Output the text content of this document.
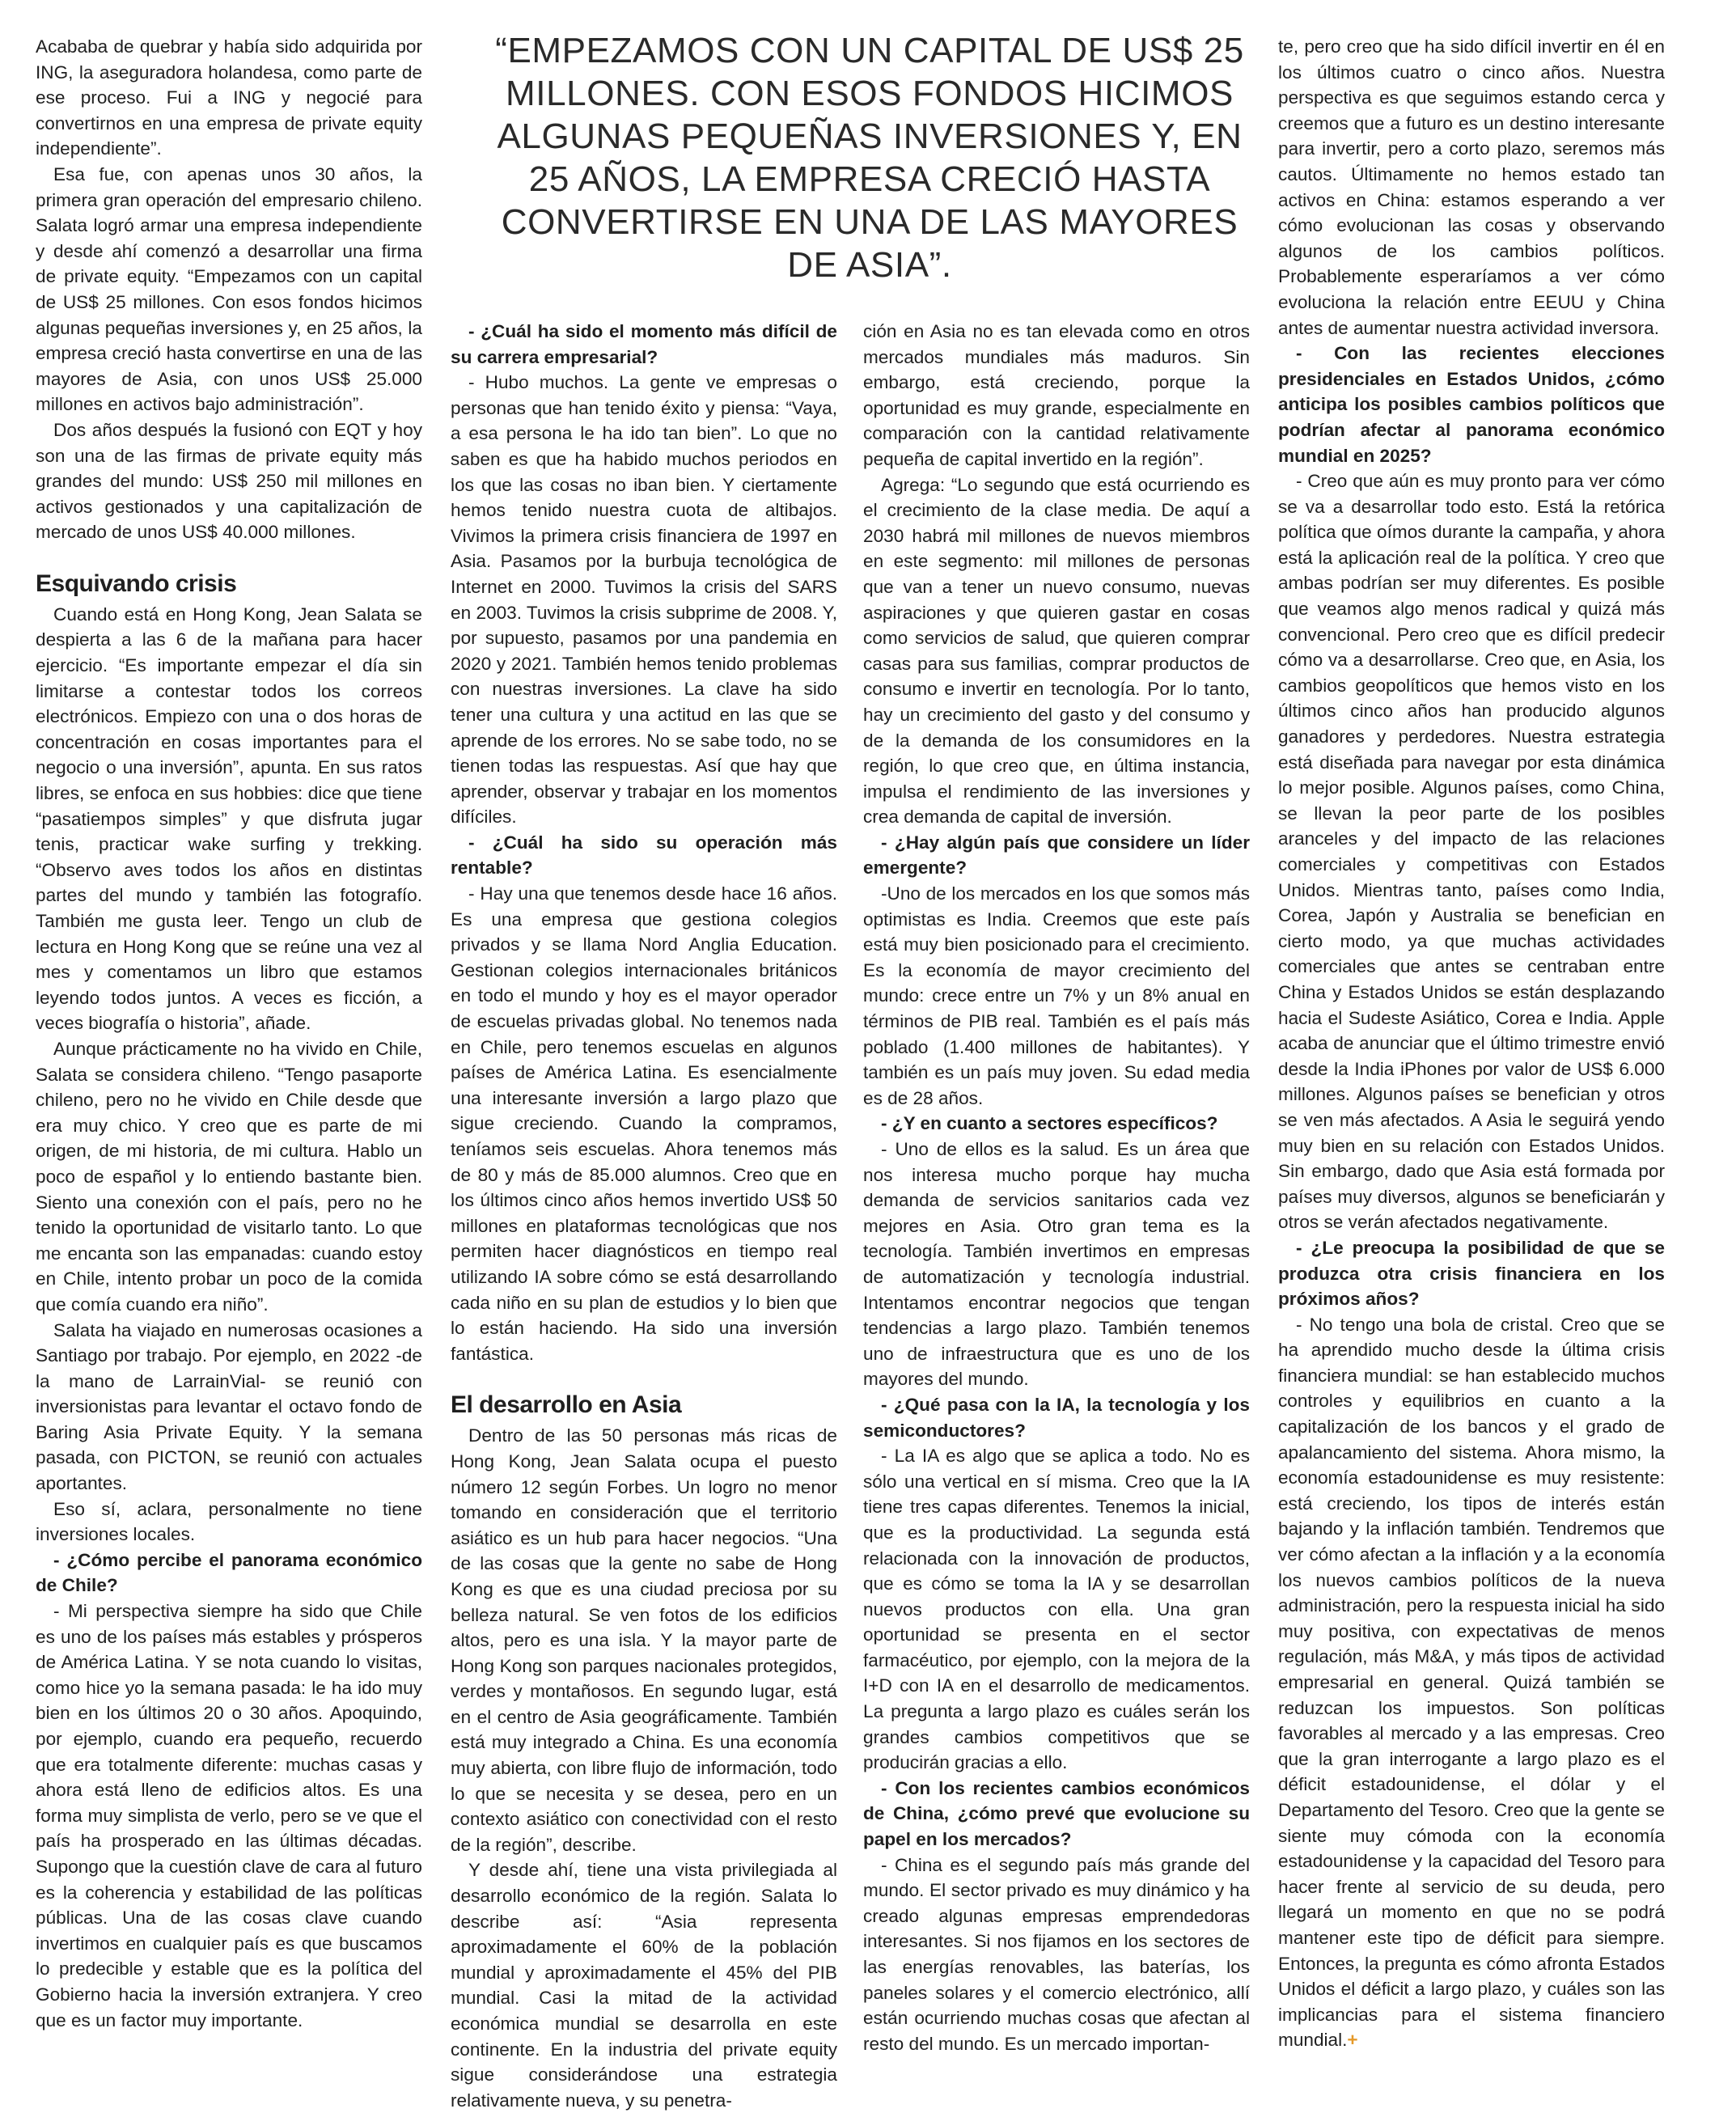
“EMPEZAMOS CON UN CAPITAL DE US$ 25 MILLONES. CON ESOS FONDOS HICIMOS ALGUNAS PEQUEÑAS INVERSIONES Y, EN 25 AÑOS, LA EMPRESA CRECIÓ HASTA CONVERTIRSE EN UNA DE LAS MAYORES DE ASIA”.

Acababa de quebrar y había sido adquirida por ING, la aseguradora holandesa, como parte de ese proceso. Fui a ING y negocié para convertirnos en una empresa de private equity independiente”.

Esa fue, con apenas unos 30 años, la primera gran operación del empresario chileno. Salata logró armar una empresa independiente y desde ahí comenzó a desarrollar una firma de private equity. “Empezamos con un capital de US$ 25 millones. Con esos fondos hicimos algunas pequeñas inversiones y, en 25 años, la empresa creció hasta convertirse en una de las mayores de Asia, con unos US$ 25.000 millones en activos bajo administración”.

Dos años después la fusionó con EQT y hoy son una de las firmas de private equity más grandes del mundo: US$ 250 mil millones en activos gestionados y una capitalización de mercado de unos US$ 40.000 millones.

Esquivando crisis

Cuando está en Hong Kong, Jean Salata se despierta a las 6 de la mañana para hacer ejercicio. “Es importante empezar el día sin limitarse a contestar todos los correos electrónicos. Empiezo con una o dos horas de concentración en cosas importantes para el negocio o una inversión”, apunta. En sus ratos libres, se enfoca en sus hobbies: dice que tiene “pasatiempos simples” y que disfruta jugar tenis, practicar wake surfing y trekking. “Observo aves todos los años en distintas partes del mundo y también las fotografío. También me gusta leer. Tengo un club de lectura en Hong Kong que se reúne una vez al mes y comentamos un libro que estamos leyendo todos juntos. A veces es ficción, a veces biografía o historia”, añade.

Aunque prácticamente no ha vivido en Chile, Salata se considera chileno. “Tengo pasaporte chileno, pero no he vivido en Chile desde que era muy chico. Y creo que es parte de mi origen, de mi historia, de mi cultura. Hablo un poco de español y lo entiendo bastante bien. Siento una conexión con el país, pero no he tenido la oportunidad de visitarlo tanto. Lo que me encanta son las empanadas: cuando estoy en Chile, intento probar un poco de la comida que comía cuando era niño”.

Salata ha viajado en numerosas ocasiones a Santiago por trabajo. Por ejemplo, en 2022 -de la mano de LarrainVial- se reunió con inversionistas para levantar el octavo fondo de Baring Asia Private Equity. Y la semana pasada, con PICTON, se reunió con actuales aportantes.

Eso sí, aclara, personalmente no tiene inversiones locales.

- ¿Cómo percibe el panorama económico de Chile?

- Mi perspectiva siempre ha sido que Chile es uno de los países más estables y prósperos de América Latina. Y se nota cuando lo visitas, como hice yo la semana pasada: le ha ido muy bien en los últimos 20 o 30 años. Apoquindo, por ejemplo, cuando era pequeño, recuerdo que era totalmente diferente: muchas casas y ahora está lleno de edificios altos. Es una forma muy simplista de verlo, pero se ve que el país ha prosperado en las últimas décadas. Supongo que la cuestión clave de cara al futuro es la coherencia y estabilidad de las políticas públicas. Una de las cosas clave cuando invertimos en cualquier país es que buscamos lo predecible y estable que es la política del Gobierno hacia la inversión extranjera. Y creo que es un factor muy importante.

- ¿Cuál ha sido el momento más difícil de su carrera empresarial?

- Hubo muchos. La gente ve empresas o personas que han tenido éxito y piensa: “Vaya, a esa persona le ha ido tan bien”. Lo que no saben es que ha habido muchos periodos en los que las cosas no iban bien. Y ciertamente hemos tenido nuestra cuota de altibajos. Vivimos la primera crisis financiera de 1997 en Asia. Pasamos por la burbuja tecnológica de Internet en 2000. Tuvimos la crisis del SARS en 2003. Tuvimos la crisis subprime de 2008. Y, por supuesto, pasamos por una pandemia en 2020 y 2021. También hemos tenido problemas con nuestras inversiones. La clave ha sido tener una cultura y una actitud en las que se aprende de los errores. No se sabe todo, no se tienen todas las respuestas. Así que hay que aprender, observar y trabajar en los momentos difíciles.

- ¿Cuál ha sido su operación más rentable?

- Hay una que tenemos desde hace 16 años. Es una empresa que gestiona colegios privados y se llama Nord Anglia Education. Gestionan colegios internacionales británicos en todo el mundo y hoy es el mayor operador de escuelas privadas global. No tenemos nada en Chile, pero tenemos escuelas en algunos países de América Latina. Es esencialmente una interesante inversión a largo plazo que sigue creciendo. Cuando la compramos, teníamos seis escuelas. Ahora tenemos más de 80 y más de 85.000 alumnos. Creo que en los últimos cinco años hemos invertido US$ 50 millones en plataformas tecnológicas que nos permiten hacer diagnósticos en tiempo real utilizando IA sobre cómo se está desarrollando cada niño en su plan de estudios y lo bien que lo están haciendo. Ha sido una inversión fantástica.

El desarrollo en Asia

Dentro de las 50 personas más ricas de Hong Kong, Jean Salata ocupa el puesto número 12 según Forbes. Un logro no menor tomando en consideración que el territorio asiático es un hub para hacer negocios. “Una de las cosas que la gente no sabe de Hong Kong es que es una ciudad preciosa por su belleza natural. Se ven fotos de los edificios altos, pero es una isla. Y la mayor parte de Hong Kong son parques nacionales protegidos, verdes y montañosos. En segundo lugar, está en el centro de Asia geográficamente. También está muy integrado a China. Es una economía muy abierta, con libre flujo de información, todo lo que se necesita y se desea, pero en un contexto asiático con conectividad con el resto de la región”, describe.

Y desde ahí, tiene una vista privilegiada al desarrollo económico de la región. Salata lo describe así: “Asia representa aproximadamente el 60% de la población mundial y aproximadamente el 45% del PIB mundial. Casi la mitad de la actividad económica mundial se desarrolla en este continente. En la industria del private equity sigue considerándose una estrategia relativamente nueva, y su penetra-

ción en Asia no es tan elevada como en otros mercados mundiales más maduros. Sin embargo, está creciendo, porque la oportunidad es muy grande, especialmente en comparación con la cantidad relativamente pequeña de capital invertido en la región”.

Agrega: “Lo segundo que está ocurriendo es el crecimiento de la clase media. De aquí a 2030 habrá mil millones de nuevos miembros en este segmento: mil millones de personas que van a tener un nuevo consumo, nuevas aspiraciones y que quieren gastar en cosas como servicios de salud, que quieren comprar casas para sus familias, comprar productos de consumo e invertir en tecnología. Por lo tanto, hay un crecimiento del gasto y del consumo y de la demanda de los consumidores en la región, lo que creo que, en última instancia, impulsa el rendimiento de las inversiones y crea demanda de capital de inversión.

- ¿Hay algún país que considere un líder emergente?

-Uno de los mercados en los que somos más optimistas es India. Creemos que este país está muy bien posicionado para el crecimiento. Es la economía de mayor crecimiento del mundo: crece entre un 7% y un 8% anual en términos de PIB real. También es el país más poblado (1.400 millones de habitantes). Y también es un país muy joven. Su edad media es de 28 años.

- ¿Y en cuanto a sectores específicos?

- Uno de ellos es la salud. Es un área que nos interesa mucho porque hay mucha demanda de servicios sanitarios cada vez mejores en Asia. Otro gran tema es la tecnología. También invertimos en empresas de automatización y tecnología industrial. Intentamos encontrar negocios que tengan tendencias a largo plazo. También tenemos uno de infraestructura que es uno de los mayores del mundo.

- ¿Qué pasa con la IA, la tecnología y los semiconductores?

- La IA es algo que se aplica a todo. No es sólo una vertical en sí misma. Creo que la IA tiene tres capas diferentes. Tenemos la inicial, que es la productividad. La segunda está relacionada con la innovación de productos, que es cómo se toma la IA y se desarrollan nuevos productos con ella. Una gran oportunidad se presenta en el sector farmacéutico, por ejemplo, con la mejora de la I+D con IA en el desarrollo de medicamentos. La pregunta a largo plazo es cuáles serán los grandes cambios competitivos que se producirán gracias a ello.

- Con los recientes cambios económicos de China, ¿cómo prevé que evolucione su papel en los mercados?

- China es el segundo país más grande del mundo. El sector privado es muy dinámico y ha creado algunas empresas emprendedoras interesantes. Si nos fijamos en los sectores de las energías renovables, las baterías, los paneles solares y el comercio electrónico, allí están ocurriendo muchas cosas que afectan al resto del mundo. Es un mercado importan-

te, pero creo que ha sido difícil invertir en él en los últimos cuatro o cinco años. Nuestra perspectiva es que seguimos estando cerca y creemos que a futuro es un destino interesante para invertir, pero a corto plazo, seremos más cautos. Últimamente no hemos estado tan activos en China: estamos esperando a ver cómo evolucionan las cosas y observando algunos de los cambios políticos. Probablemente esperaríamos a ver cómo evoluciona la relación entre EEUU y China antes de aumentar nuestra actividad inversora.

- Con las recientes elecciones presidenciales en Estados Unidos, ¿cómo anticipa los posibles cambios políticos que podrían afectar al panorama económico mundial en 2025?

- Creo que aún es muy pronto para ver cómo se va a desarrollar todo esto. Está la retórica política que oímos durante la campaña, y ahora está la aplicación real de la política. Y creo que ambas podrían ser muy diferentes. Es posible que veamos algo menos radical y quizá más convencional. Pero creo que es difícil predecir cómo va a desarrollarse. Creo que, en Asia, los cambios geopolíticos que hemos visto en los últimos cinco años han producido algunos ganadores y perdedores. Nuestra estrategia está diseñada para navegar por esta dinámica lo mejor posible. Algunos países, como China, se llevan la peor parte de los posibles aranceles y del impacto de las relaciones comerciales y competitivas con Estados Unidos. Mientras tanto, países como India, Corea, Japón y Australia se benefician en cierto modo, ya que muchas actividades comerciales que antes se centraban entre China y Estados Unidos se están desplazando hacia el Sudeste Asiático, Corea e India. Apple acaba de anunciar que el último trimestre envió desde la India iPhones por valor de US$ 6.000 millones. Algunos países se benefician y otros se ven más afectados. A Asia le seguirá yendo muy bien en su relación con Estados Unidos. Sin embargo, dado que Asia está formada por países muy diversos, algunos se beneficiarán y otros se verán afectados negativamente.

- ¿Le preocupa la posibilidad de que se produzca otra crisis financiera en los próximos años?

- No tengo una bola de cristal. Creo que se ha aprendido mucho desde la última crisis financiera mundial: se han establecido muchos controles y equilibrios en cuanto a la capitalización de los bancos y el grado de apalancamiento del sistema. Ahora mismo, la economía estadounidense es muy resistente: está creciendo, los tipos de interés están bajando y la inflación también. Tendremos que ver cómo afectan a la inflación y a la economía los nuevos cambios políticos de la nueva administración, pero la respuesta inicial ha sido muy positiva, con expectativas de menos regulación, más M&A, y más tipos de actividad empresarial en general. Quizá también se reduzcan los impuestos. Son políticas favorables al mercado y a las empresas. Creo que la gran interrogante a largo plazo es el déficit estadounidense, el dólar y el Departamento del Tesoro. Creo que la gente se siente muy cómoda con la economía estadounidense y la capacidad del Tesoro para hacer frente al servicio de su deuda, pero llegará un momento en que no se podrá mantener este tipo de déficit para siempre. Entonces, la pregunta es cómo afronta Estados Unidos el déficit a largo plazo, y cuáles son las implicancias para el sistema financiero mundial.+
